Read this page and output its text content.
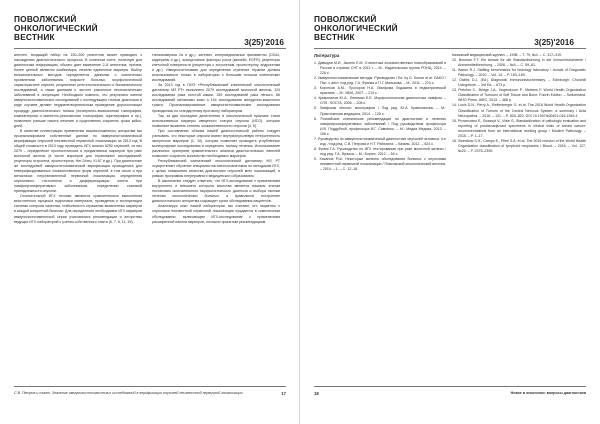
ПОВОЛЖСКИЙ
ОНКОЛОГИЧЕСКИЙ
ВЕСТНИК
3(25)'2016

антител, входящий набор на 150–200 реагентов может приводить к нахождению диагностического процесса. В конечном счете, полезную для диагностики информацию, обычно дает выявление 2–8 антигенов, причем, более ценной является комбинация, нежели единичные маркеры. Выбор вспомогательных методов определяется данными о клинических проявлениях заболевания, возрасте больных, морфологической характеристике опухоли, результатах рентгенологического и биохимического исследований, а также данными о частоте различных неопластических заболеваний в популяции. Необходимо помнить, что результаты панели иммуногистохимических исследований с последующим точным диагнозом в ряде случаев делают неудовлетворительным проведение дорогостоящих процедур диагностического поиска (позитронно-эмиссионная томография, компьютерная и магнитно-резонансная томография, сцинтиграфия и пр.), позволяют раньше начать лечение и существенно сократить сроки койко-дней.

В качестве иллюстрации применения вышеизложенного алгоритма мы проанализировали собственные данные по иммуногистохимической верификации опухолей неизвестной первичной локализации за 2013 год. В общей сложности в 2013 году проведено ИГХ анализ 6250 опухолей, из них 2079 – определение прогностических и предиктивных маркеров при раке молочной железы (в числе маркеров для тераномных исследований: рецепторы эстрогена, прогестерона, Her-2/neu, Ki-67 и др.). При диагностике же исследуемой иммуногистохимической верификации проводились для неверифицированных злокачественных форм опухолей, в том числе и при метастазах неустановленной первичной локализации, определения опухолевого гистогенеза и дифференциации клеток при лимфопролиферативных заболеваниях, определении тканевой принадлежности опухоли.

Отличительной ИГХ техники являются сравнительные выполнения многотипного процесса подготовки материала, проведения и эксплуатации системы контроля качества, стабильности отражения выявленных маркеров в каждой конкретной биопсии. Для определения необходимых ИГХ маркеров иммуногистохимической серии учитывались рекомендации и алгоритмы ведущих ИГХ лабораторий с учетом собственного опыта (6, 7, 8, 11, 15).

топоизомераза 2а и др.), катенин, интермедиальные филаменты (CD44, кадгерины и др.), экзоцитозные факторы роста (кинкейс, EGFR), рецепторы клеточной поверхности (рецепторы к эстрогенам, прогестерону, андрогенам и др.). Иммуногистохимия для определения стратегии терапии должна использоваться только в лаборатории с большим потоком клинических исследований.

За 2013 год в ГАУЗ «Республиканский клинический онкологический диспансер МЗ РТ» выполнено 2079 исследований молочной железы, 124 исследования рака толстой кишки, 189 исследований рака лёгкого, 66 исследований меланомы кожи и 144 исследования желудочно-кишечного тракта. Проанализированные иммуногистохимические исследования проводились по стандартному протоколу лаборатории.

Так, за два последних десятилетия в онкологической практике стали использоваться маркеры иммунного статуса опухоли (ИСО), которые позволяют выявлять степень злокачественности опухоли [4, 5].

При составлении объема нашей диагностической работы следует учитывать, что некоторые опухоли имеют внутриопухолевую гетерогенность экспрессии маркеров (1, 10), которая позволяет проводить углубленные молекулярные исследования и определять тактику лечения. Использование различных критериев сравнительного анализа диагностических панелей позволяет сократить количество необходимых маркеров.

Республиканский клинический онкологический диспансер МЗ РТ осуществляет обучение специалистов-патологоанатомов по методикам ИГХ, с целью повышения качества диагностики опухолей всех локализаций, в рамках программы непрерывного медицинского образования.

В заключение следует отметить, что ИГХ-исследование с применением внутреннего и внешнего контроля качества является важным этапом постановки окончательного морфологического диагноза и выбора тактики лечения онкологических больных, а правильное построение диагностического алгоритма сокращает сроки обследования пациентов.

Анализируя опыт нашей лаборатории, мы считаем, что пациенты с опухолями неизвестной первичной локализации нуждаются в комплексном обследовании, включающем ИГХ-исследование с применением расширенной панели маркеров, согласно принятым рекомендациям.

С.В. Петров и соавт. Значение иммуногистохимических исследований в верификации опухолей неизвестной первичной локализации	17
ПОВОЛЖСКИЙ
ОНКОЛОГИЧЕСКИЙ
ВЕСТНИК
3(25)'2016
Литература
1. Давыдов М.И., Аксель Е.М. Статистика злокачественных новообразований в России и странах СНГ в 2012 г. – М.: Издательская группа РОНЦ, 2014. – 226 с.
2. Иммуногистохимические методы: Руководство / Ed. by G. Kumar et al. DAKO / Пер. с англ. под ред. Г.А. Франка и П.Г. Малькова. – М., 2011. – 224 с.
3. Коротков А.М., Прохоров Н.А. Лимфома Ходжкина в педиатрической практике. – М.: МИА, 2007. – 214 с.
4. Криволапов Ю.А., Леенман Е.Е. Морфологическая диагностика лимфом. – СПб.: КОСТА, 2006. – 208 с.
5. Лимфомы лёгкого: монография / Под ред. Ю.А. Криволапова. – М.: Практическая медицина, 2014. – 128 с.
6. Российские клинические рекомендации по диагностике и лечению лимфопролиферативных заболеваний / Под руководством профессора И.В. Поддубной, профессора В.Г. Савченко. – М.: Медиа Медика, 2013. – 106 с.
7. Руководство по иммуногистохимической диагностике опухолей человека. 4-е изд. / под ред. С.В. Петрова и Н.Т. Райхлина. – Казань, 2012. – 624 с.
8. Франк Г.А. Руководство по ИГХ тестированию при раке молочной железы / под ред. Г.А. Франка. – М.: Боргес, 2012. – 54 с.
9. Хасанов Р.Ш. Некоторые аспекты обследования больных с опухолями неизвестной первичной локализации / Поволжский онкологический вестник. – 2014. – 1. – С. 12–18.
Казанский медицинский журнал. – 1998. – Т. 79, №4. – С. 317–319.
10. Bosman F.T. Ein Ansatz für die Standardisierung in der Immunhistochemie / Arzneimittelforschung. – 2006. – №4. – C. 59–61.
11. Bacus R.J. Staffing benchmarks for histology laboratory / Annals of Diagnostic Pathology. – 2010. – Vol. 14. – P. 163–169.
12. Dabbs D.J. (Ed.) Diagnostic Immunohistochemistry. – Edinburgh: Churchill Livingstone. – 3rd Ed. – 673 p.
13. Fletcher C., Bridge J.A., Hogendoorn P., Mertens F. World Health Organization Classification of Tumours of Soft Tissue and Bone. Fourth Edition. – Switzerland: WHO Press, IARC, 2013. – 468 p.
14. Louis D.N., Perry A., Reifenberger G. et al. The 2016 World Health Organization Classification of Tumors of the Central Nervous System: a summary / Acta Neuropathol. – 2016. – 131. – P. 803–820. DOI 10.1007/s00401-016-1545-1
15. Provenzano E., Bossuyt V., Viale G. Standardization of pathologic evaluation and reporting of postneoadjuvant specimens in clinical trials of breast cancer: recommendations from an international working group / Modern Pathology. – 2015. – P. 1–17.
16. Swerdlow S.H., Campo E., Pileri S.A. et al. The 2016 revision of the World Health Organization classification of lymphoid neoplasms / Blood. – 2016. – Vol. 127, №20. – P. 2375–2390.
18	Новое в онкологии: вопросы диагностики
